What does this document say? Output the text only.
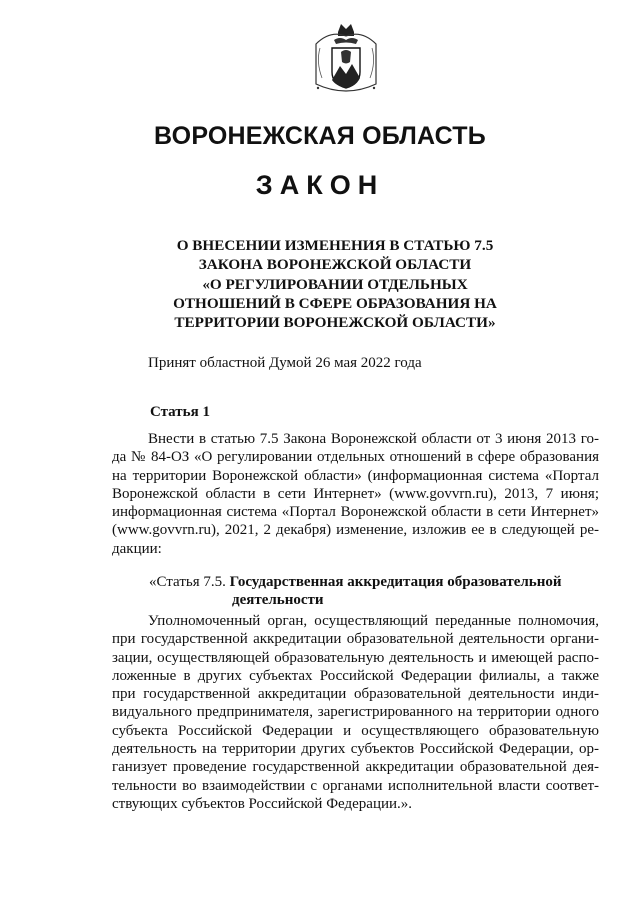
ВОРОНЕЖСКАЯ ОБЛАСТЬ
ЗАКОН
О ВНЕСЕНИИ ИЗМЕНЕНИЯ В СТАТЬЮ 7.5
ЗАКОНА ВОРОНЕЖСКОЙ ОБЛАСТИ
«О РЕГУЛИРОВАНИИ ОТДЕЛЬНЫХ
ОТНОШЕНИЙ В СФЕРЕ ОБРАЗОВАНИЯ НА
ТЕРРИТОРИИ ВОРОНЕЖСКОЙ ОБЛАСТИ»
Принят областной Думой 26 мая 2022 года
Статья 1
Внести в статью 7.5 Закона Воронежской области от 3 июня 2013 го-
да № 84-ОЗ «О регулировании отдельных отношений в сфере образования
на территории Воронежской области» (информационная система «Портал
Воронежской области в сети Интернет» (www.govvrn.ru), 2013, 7 июня;
информационная система «Портал Воронежской области в сети Интернет»
(www.govvrn.ru), 2021, 2 декабря) изменение, изложив ее в следующей ре-
дакции:
«Статья 7.5. Государственная аккредитация образовательной
деятельности
Уполномоченный орган, осуществляющий переданные полномочия,
при государственной аккредитации образовательной деятельности органи-
зации, осуществляющей образовательную деятельность и имеющей распо-
ложенные в других субъектах Российской Федерации филиалы, а также
при государственной аккредитации образовательной деятельности инди-
видуального предпринимателя, зарегистрированного на территории одного
субъекта Российской Федерации и осуществляющего образовательную
деятельность на территории других субъектов Российской Федерации, ор-
ганизует проведение государственной аккредитации образовательной дея-
тельности во взаимодействии с органами исполнительной власти соответ-
ствующих субъектов Российской Федерации.».
